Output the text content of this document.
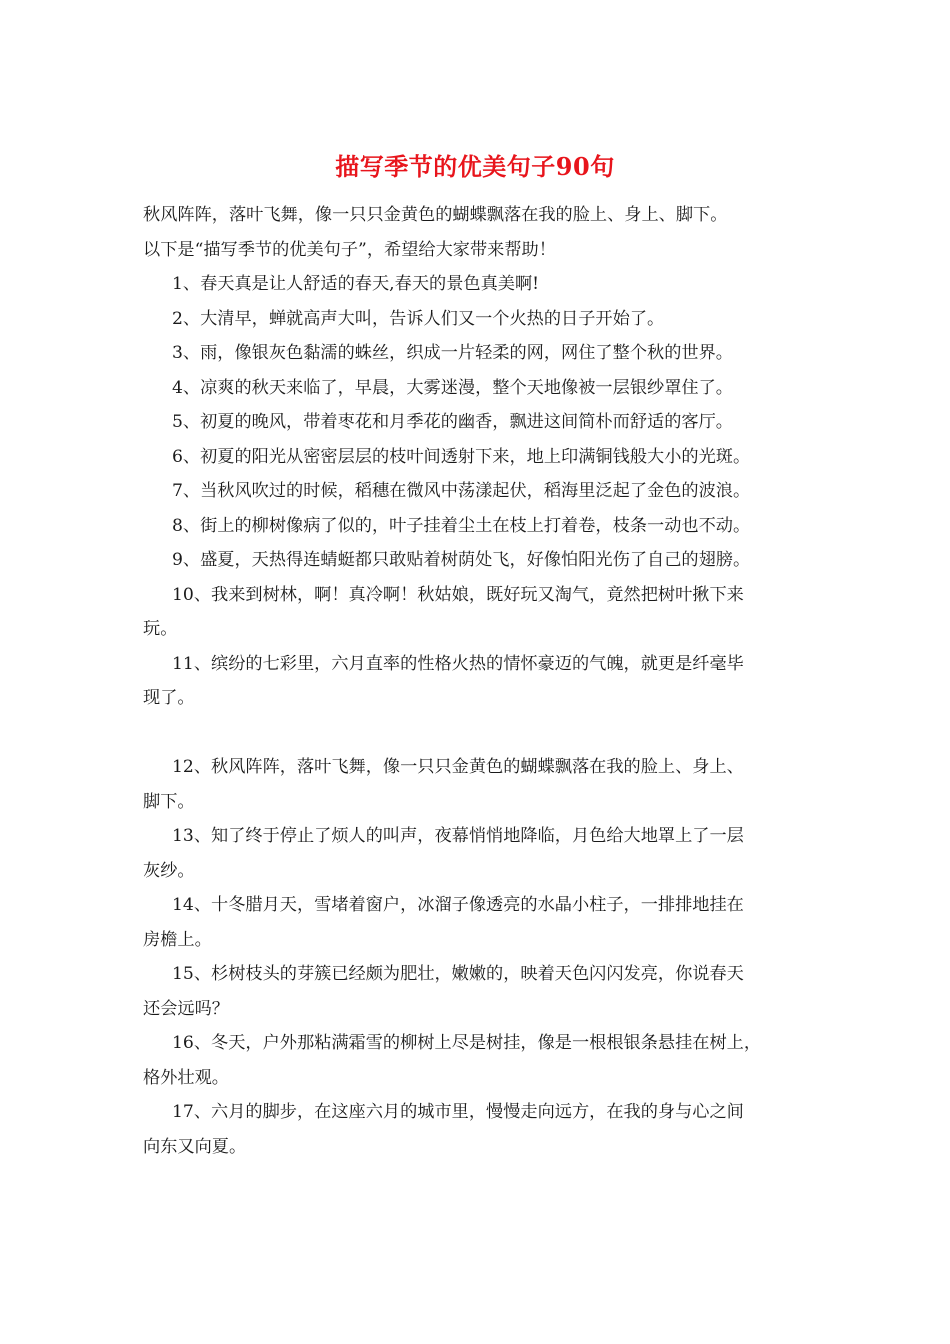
描写季节的优美句子90句
秋风阵阵，落叶飞舞，像一只只金黄色的蝴蝶飘落在我的脸上、身上、脚下。
以下是“描写季节的优美句子”，希望给大家带来帮助！
1、春天真是让人舒适的春天,春天的景色真美啊!
2、大清早，蝉就高声大叫，告诉人们又一个火热的日子开始了。
3、雨，像银灰色黏濡的蛛丝，织成一片轻柔的网，网住了整个秋的世界。
4、凉爽的秋天来临了，早晨，大雾迷漫，整个天地像被一层银纱罩住了。
5、初夏的晚风，带着枣花和月季花的幽香，飘进这间简朴而舒适的客厅。
6、初夏的阳光从密密层层的枝叶间透射下来，地上印满铜钱般大小的光斑。
7、当秋风吹过的时候，稻穗在微风中荡漾起伏，稻海里泛起了金色的波浪。
8、街上的柳树像病了似的，叶子挂着尘土在枝上打着卷，枝条一动也不动。
9、盛夏，天热得连蜻蜓都只敢贴着树荫处飞，好像怕阳光伤了自己的翅膀。
10、我来到树林，啊！真冷啊！秋姑娘，既好玩又淘气，竟然把树叶揪下来
玩。
11、缤纷的七彩里，六月直率的性格火热的情怀豪迈的气魄，就更是纤毫毕
现了。
12、秋风阵阵，落叶飞舞，像一只只金黄色的蝴蝶飘落在我的脸上、身上、
脚下。
13、知了终于停止了烦人的叫声，夜幕悄悄地降临，月色给大地罩上了一层
灰纱。
14、十冬腊月天，雪堵着窗户，冰溜子像透亮的水晶小柱子，一排排地挂在
房檐上。
15、杉树枝头的芽簇已经颇为肥壮，嫩嫩的，映着天色闪闪发亮，你说春天
还会远吗？
16、冬天，户外那粘满霜雪的柳树上尽是树挂，像是一根根银条悬挂在树上，
格外壮观。
17、六月的脚步，在这座六月的城市里，慢慢走向远方，在我的身与心之间
向东又向夏。
